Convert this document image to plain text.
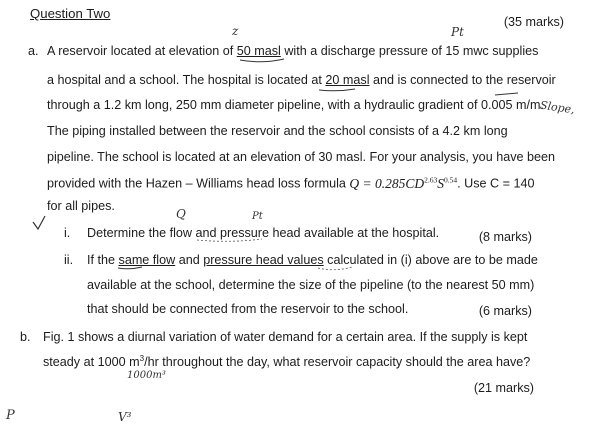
Question Two
(35 marks)
a. A reservoir located at elevation of 50 masl with a discharge pressure of 15 mwc supplies
a hospital and a school. The hospital is located at 20 masl and is connected to the reservoir
through a 1.2 km long, 250 mm diameter pipeline, with a hydraulic gradient of 0.005 m/m.
The piping installed between the reservoir and the school consists of a 4.2 km long
pipeline. The school is located at an elevation of 30 masl. For your analysis, you have been
provided with the Hazen – Williams head loss formula $Q = 0.285CD^{2.63}S^{0.54}$. Use C = 140
for all pipes.
i. Determine the flow and pressure head available at the hospital.	(8 marks)
ii. If the same flow and pressure head values calculated in (i) above are to be made
available at the school, determine the size of the pipeline (to the nearest 50 mm)
that should be connected from the reservoir to the school.	(6 marks)
b. Fig. 1 shows a diurnal variation of water demand for a certain area. If the supply is kept
steady at 1000 $m^3/hr$ throughout the day, what reservoir capacity should the area have?
(21 marks)
z	Pt
Slope,
Q	Pt
1000m³
P	V³
